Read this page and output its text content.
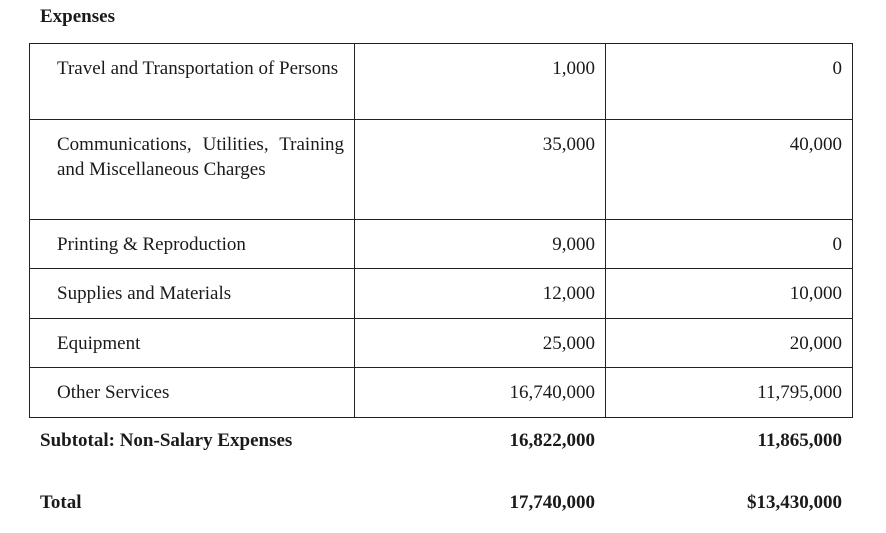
Expenses
Travel and Transportation of Persons	1,000	0
Communications, Utilities, Training and Miscellaneous Charges	35,000	40,000
Printing & Reproduction	9,000	0
Supplies and Materials	12,000	10,000
Equipment	25,000	20,000
Other Services	16,740,000	11,795,000
Subtotal: Non-Salary Expenses	16,822,000	11,865,000
Total	17,740,000	$13,430,000
